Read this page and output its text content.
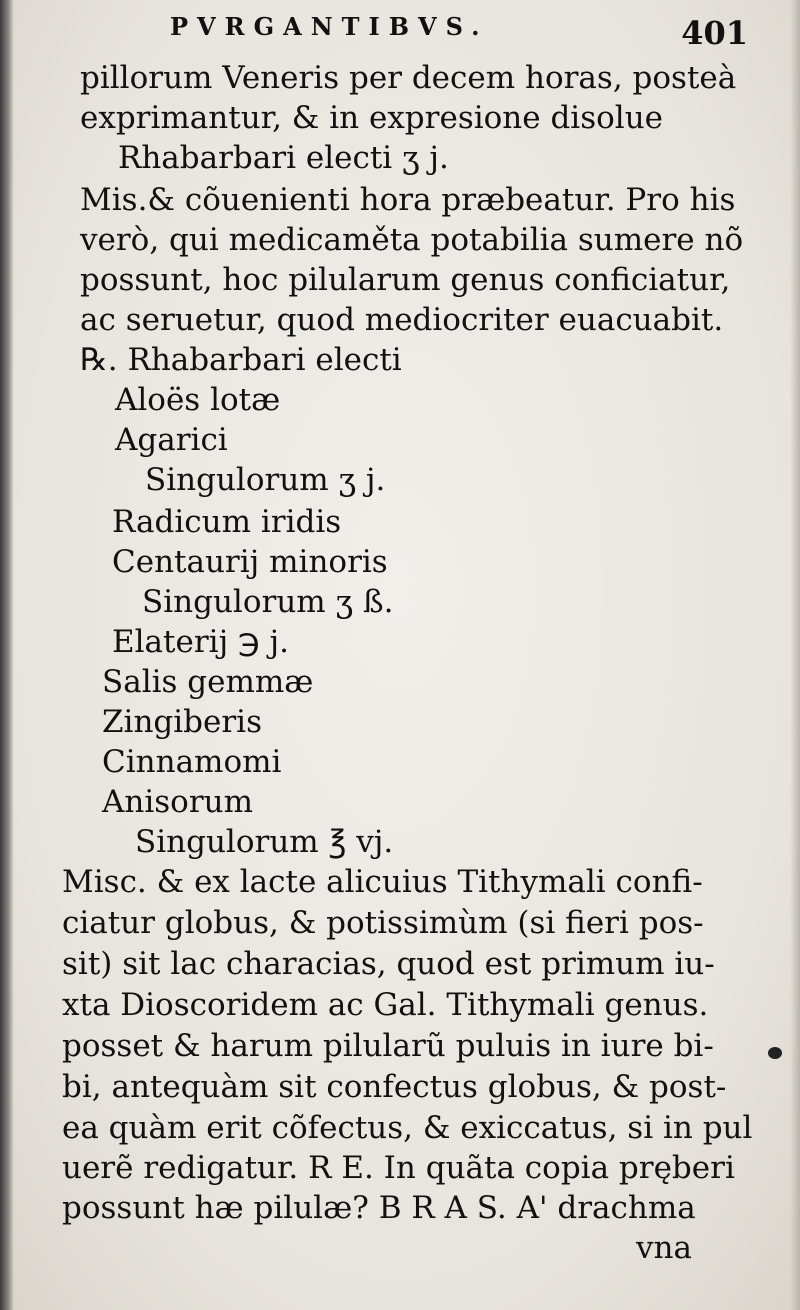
PVRGANTIBVS.	401
pillorum Veneris per decem horas, posteà
exprimantur, & in expresione disolue
Rhabarbari electi ʒ j.
Mis.& cõuenienti hora præbeatur. Pro his
verò, qui medicaměta potabilia sumere nõ
possunt, hoc pilularum genus conficiatur,
ac seruetur, quod mediocriter euacuabit.
℞. Rhabarbari electi
Aloës lotæ
Agarici
Singulorum ʒ j.
Radicum iridis
Centaurij minoris
Singulorum ʒ ß.
Elaterij ℈ j.
Salis gemmæ
Zingiberis
Cinnamomi
Anisorum
Singulorum ℥ vj.
Misc. & ex lacte alicuius Tithymali confi-
ciatur globus, & potissimùm (si fieri pos-
sit) sit lac characias, quod est primum iu-
xta Dioscoridem ac Gal. Tithymali genus.
posset & harum pilularũ puluis in iure bi-
bi, antequàm sit confectus globus, & post-
ea quàm erit cõfectus, & exiccatus, si in pul
uerẽ redigatur. R E. In quãta copia pręberi
possunt hæ pilulæ? B R A S. A' drachma
vna
